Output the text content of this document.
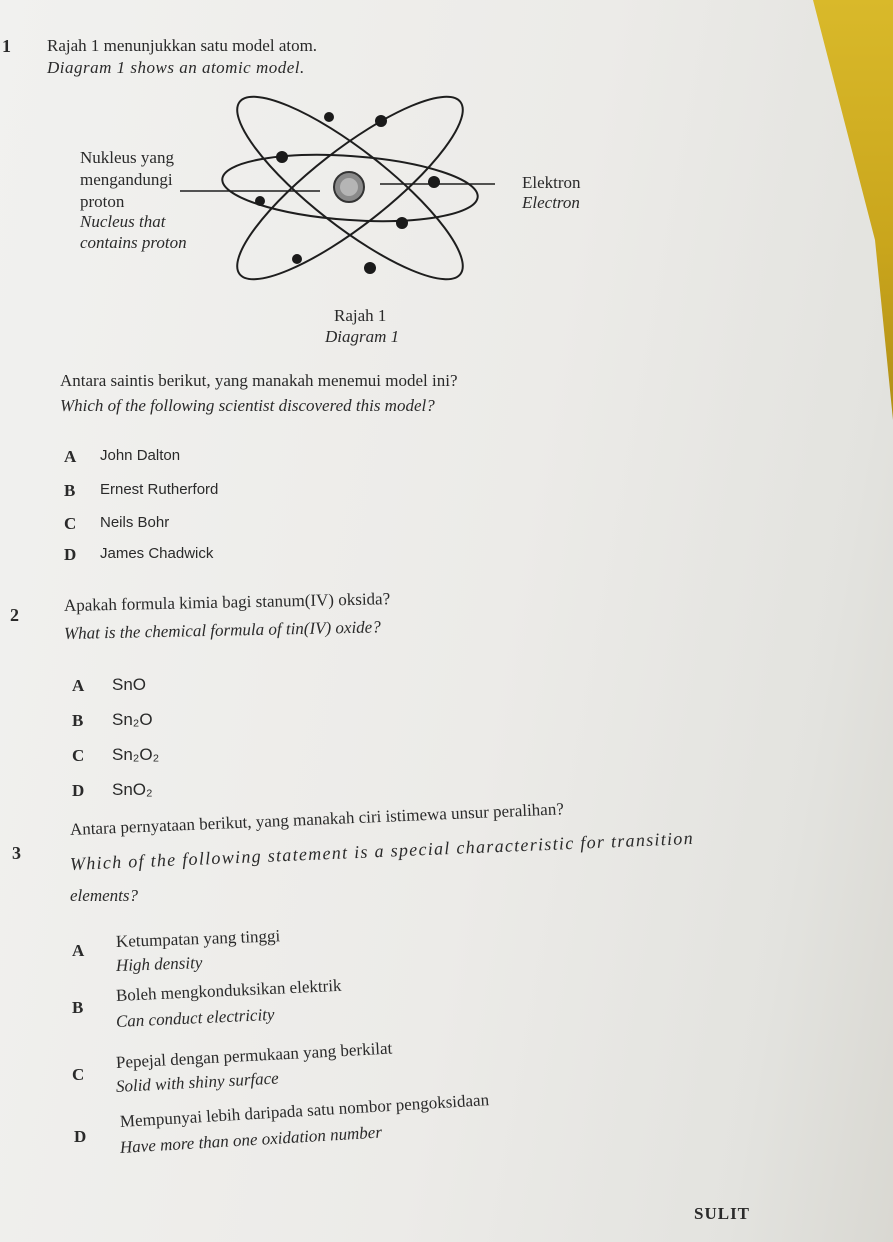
1 Rajah 1 menunjukkan satu model atom.
Diagram 1 shows an atomic model.
Nukleus yang
mengandungi
proton
Nucleus that
contains proton
Elektron
Electron
Rajah 1
Diagram 1
Antara saintis berikut, yang manakah menemui model ini?
Which of the following scientist discovered this model?
A John Dalton
B Ernest Rutherford
C Neils Bohr
D James Chadwick
2
Apakah formula kimia bagi stanum(IV) oksida?
What is the chemical formula of tin(IV) oxide?
A SnO
B Sn₂O
C Sn₂O₂
D SnO₂
3
Antara pernyataan berikut, yang manakah ciri istimewa unsur peralihan?
Which of the following statement is a special characteristic for transition
elements?
A Ketumpatan yang tinggi
High density
B
Boleh mengkonduksikan elektrik
Can conduct electricity
C
Pepejal dengan permukaan yang berkilat
Solid with shiny surface
D
Mempunyai lebih daripada satu nombor pengoksidaan
Have more than one oxidation number
SULIT
